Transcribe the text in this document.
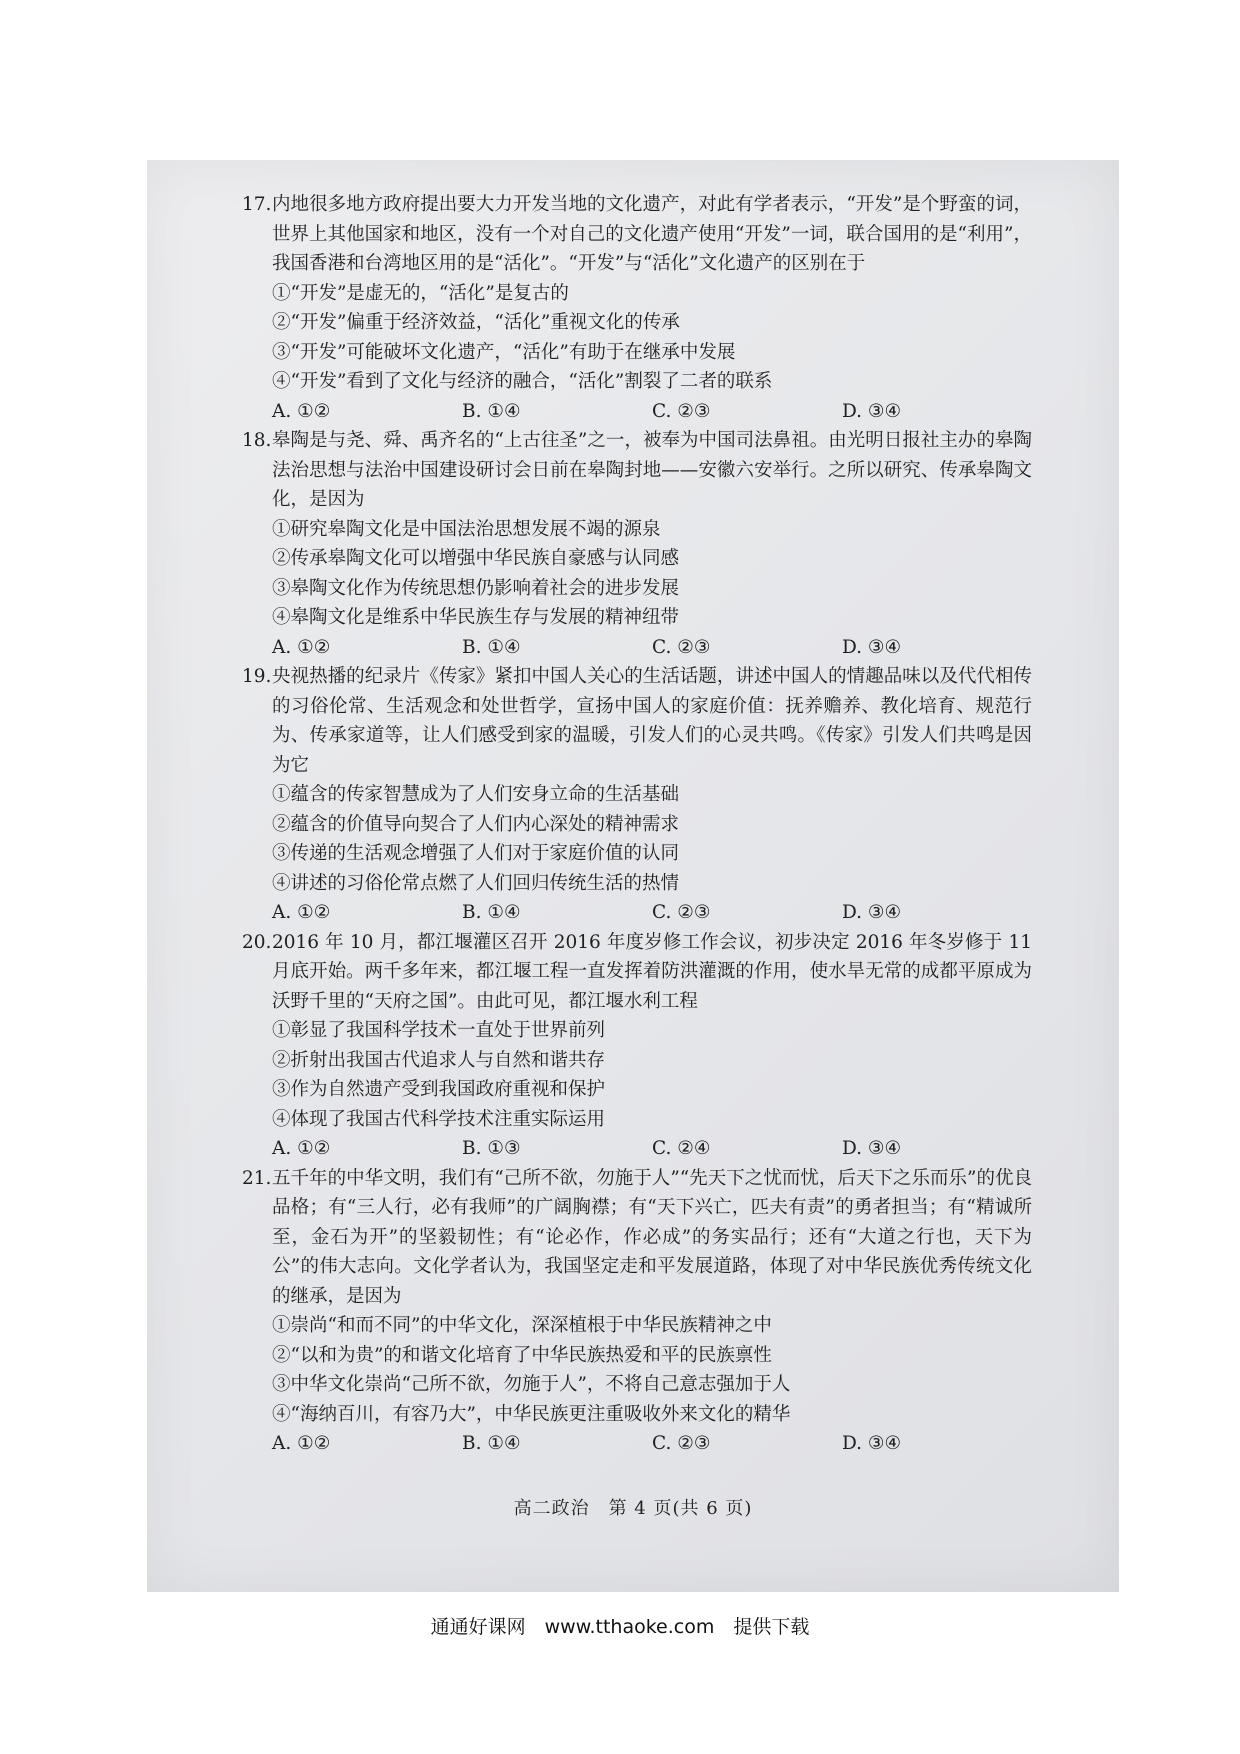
17.内地很多地方政府提出要大力开发当地的文化遗产，对此有学者表示，“开发”是个野蛮的词，世界上其他国家和地区，没有一个对自己的文化遗产使用“开发”一词，联合国用的是“利用”，我国香港和台湾地区用的是“活化”。“开发”与“活化”文化遗产的区别在于

①“开发”是虚无的，“活化”是复古的

②“开发”偏重于经济效益，“活化”重视文化的传承

③“开发”可能破坏文化遗产，“活化”有助于在继承中发展

④“开发”看到了文化与经济的融合，“活化”割裂了二者的联系

A. ①②	B. ①④	C. ②③	D. ③④

18.皋陶是与尧、舜、禹齐名的“上古往圣”之一，被奉为中国司法鼻祖。由光明日报社主办的皋陶法治思想与法治中国建设研讨会日前在皋陶封地——安徽六安举行。之所以研究、传承皋陶文化，是因为

①研究皋陶文化是中国法治思想发展不竭的源泉

②传承皋陶文化可以增强中华民族自豪感与认同感

③皋陶文化作为传统思想仍影响着社会的进步发展

④皋陶文化是维系中华民族生存与发展的精神纽带

A. ①②	B. ①④	C. ②③	D. ③④

19.央视热播的纪录片《传家》紧扣中国人关心的生活话题，讲述中国人的情趣品味以及代代相传的习俗伦常、生活观念和处世哲学，宣扬中国人的家庭价值：抚养赡养、教化培育、规范行为、传承家道等，让人们感受到家的温暖，引发人们的心灵共鸣。《传家》引发人们共鸣是因为它

①蕴含的传家智慧成为了人们安身立命的生活基础

②蕴含的价值导向契合了人们内心深处的精神需求

③传递的生活观念增强了人们对于家庭价值的认同

④讲述的习俗伦常点燃了人们回归传统生活的热情

A. ①②	B. ①④	C. ②③	D. ③④

20.2016 年 10 月，都江堰灌区召开 2016 年度岁修工作会议，初步决定 2016 年冬岁修于 11 月底开始。两千多年来，都江堰工程一直发挥着防洪灌溉的作用，使水旱无常的成都平原成为沃野千里的“天府之国”。由此可见，都江堰水利工程

①彰显了我国科学技术一直处于世界前列

②折射出我国古代追求人与自然和谐共存

③作为自然遗产受到我国政府重视和保护

④体现了我国古代科学技术注重实际运用

A. ①②	B. ①③	C. ②④	D. ③④

21.五千年的中华文明，我们有“己所不欲，勿施于人”“先天下之忧而忧，后天下之乐而乐”的优良品格；有“三人行，必有我师”的广阔胸襟；有“天下兴亡，匹夫有责”的勇者担当；有“精诚所至，金石为开”的坚毅韧性；有“论必作，作必成”的务实品行；还有“大道之行也，天下为公”的伟大志向。文化学者认为，我国坚定走和平发展道路，体现了对中华民族优秀传统文化的继承，是因为

①崇尚“和而不同”的中华文化，深深植根于中华民族精神之中

②“以和为贵”的和谐文化培育了中华民族热爱和平的民族禀性

③中华文化崇尚“己所不欲，勿施于人”，不将自己意志强加于人

④“海纳百川，有容乃大”，中华民族更注重吸收外来文化的精华

A. ①②	B. ①④	C. ②③	D. ③④
高二政治　第 4 页(共 6 页)
通通好课网　www.tthaoke.com　提供下载
